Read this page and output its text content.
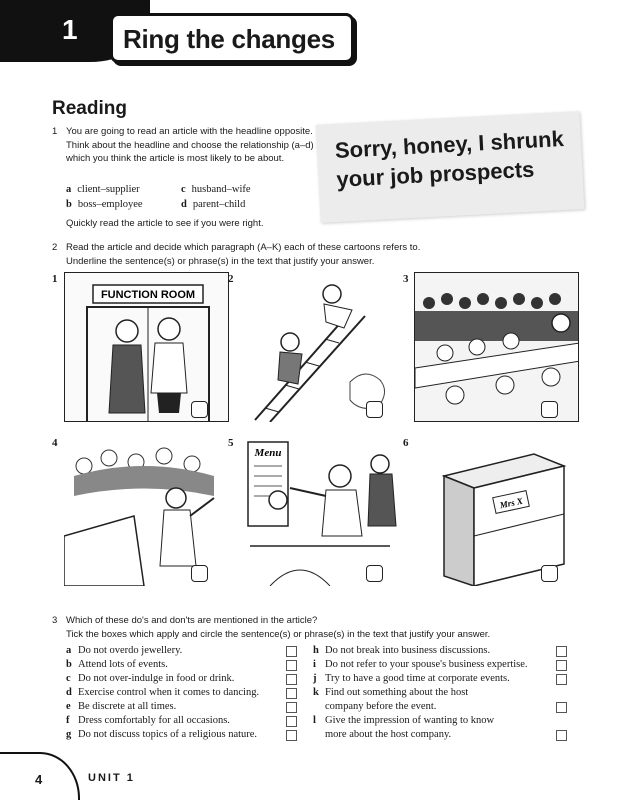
1 Ring the changes
Reading
1 You are going to read an article with the headline opposite. Think about the headline and choose the relationship (a–d) which you think the article is most likely to be about.
a client–supplier	c husband–wife
b boss–employee	d parent–child
Quickly read the article to see if you were right.
Sorry, honey, I shrunk your job prospects
2 Read the article and decide which paragraph (A–K) each of these cartoons refers to.
Underline the sentence(s) or phrase(s) in the text that justify your answer.
1
FUNCTION ROOM
2	3
4	5
Menu
6
Mrs X
3 Which of these do's and don'ts are mentioned in the article?
Tick the boxes which apply and circle the sentence(s) or phrase(s) in the text that justify your answer.
a Do not overdo jewellery.
b Attend lots of events.
c Do not over-indulge in food or drink.
d Exercise control when it comes to dancing.
e Be discrete at all times.
f Dress comfortably for all occasions.
g Do not discuss topics of a religious nature.
h Do not break into business discussions.
i Do not refer to your spouse's business expertise.
j Try to have a good time at corporate events.
k Find out something about the host
company before the event.
l Give the impression of wanting to know
more about the host company.
4	UNIT 1
